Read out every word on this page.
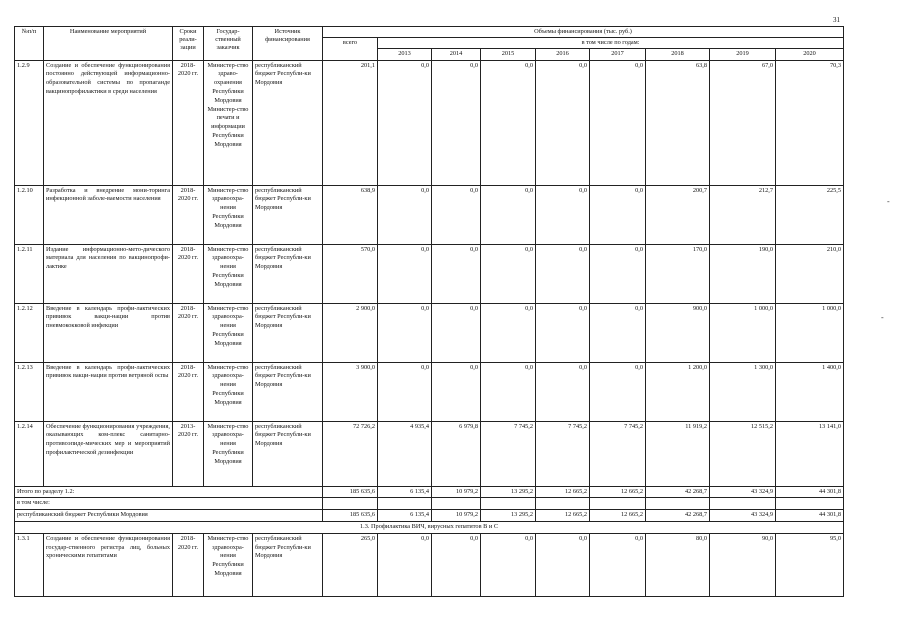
31
-
-
№п/п	Наименование мероприятий	Сроки реали-зации	Государ-ственный заказчик	Источник финансирования	Объемы финансирования (тыс. руб.)								
					всего	в том числе по годам:							
						2013	2014	2015	2016	2017	2018	2019	2020
1.2.9	Создание и обеспечение функционирования постоянно действующей информационно-образовательной системы по пропаганде вакцинопрофилактики в среди населения	2018-2020 гг.	Министер-ство здраво-охранения Республики Мордовия Министер-ство печати и информации Республики Мордовия	республиканский бюджет Республи-ки Мордовия	201,1	0,0	0,0	0,0	0,0	0,0	63,8	67,0	70,3
1.2.10	Разработка и внедрение мони-торинга инфекционной заболе-ваемости населения	2018-2020 гг.	Министер-ство здравоохра-нения Республики Мордовия	республиканский бюджет Республи-ки Мордовия	638,9	0,0	0,0	0,0	0,0	0,0	200,7	212,7	225,5
1.2.11	Издание информационно-мето-дического материала для населения по вакцинопрофи-лактике	2018-2020 гг.	Министер-ство здравоохра-нения Республики Мордовия	республиканский бюджет Республи-ки Мордовия	570,0	0,0	0,0	0,0	0,0	0,0	170,0	190,0	210,0
1.2.12	Введение в календарь профи-лактических прививок вакци-нации против пневмококковой инфекции	2018-2020 гг.	Министер-ство здравоохра-нения Республики Мордовия	республиканский бюджет Республи-ки Мордовия	2 900,0	0,0	0,0	0,0	0,0	0,0	900,0	1 000,0	1 000,0
1.2.13	Введение в календарь профи-лактических прививок вакци-нации против ветряной оспы	2018-2020 гг.	Министер-ство здравоохра-нения Республики Мордовия	республиканский бюджет Республи-ки Мордовия	3 900,0	0,0	0,0	0,0	0,0	0,0	1 200,0	1 300,0	1 400,0
1.2.14	Обеспечение функционирования учреждения, оказывающих ком-плекс санитарно-противоэпиде-мических мер и мероприятий профилактической дезинфекции	2013-2020 гг.	Министер-ство здравоохра-нения Республики Мордовия	республиканский бюджет Республи-ки Мордовия	72 726,2	4 935,4	6 979,8	7 745,2	7 745,2	7 745,2	11 919,2	12 515,2	13 141,0
Итого по разделу 1.2:					185 635,6	6 135,4	10 979,2	13 295,2	12 665,2	12 665,2	42 268,7	43 324,9	44 301,8
в том числе:													
республиканский бюджет Республики Мордовия					185 635,6	6 135,4	10 979,2	13 295,2	12 665,2	12 665,2	42 268,7	43 324,9	44 301,8
1.3. Профилактика ВИЧ, вирусных гепатитов В и С													
1.3.1	Создание и обеспечение функционирования государ-ственного регистра лиц, больных хроническими гепатитами	2018-2020 гг.	Министер-ство здравоохра-нения Республики Мордовия	республиканский бюджет Республи-ки Мордовия	265,0	0,0	0,0	0,0	0,0	0,0	80,0	90,0	95,0
